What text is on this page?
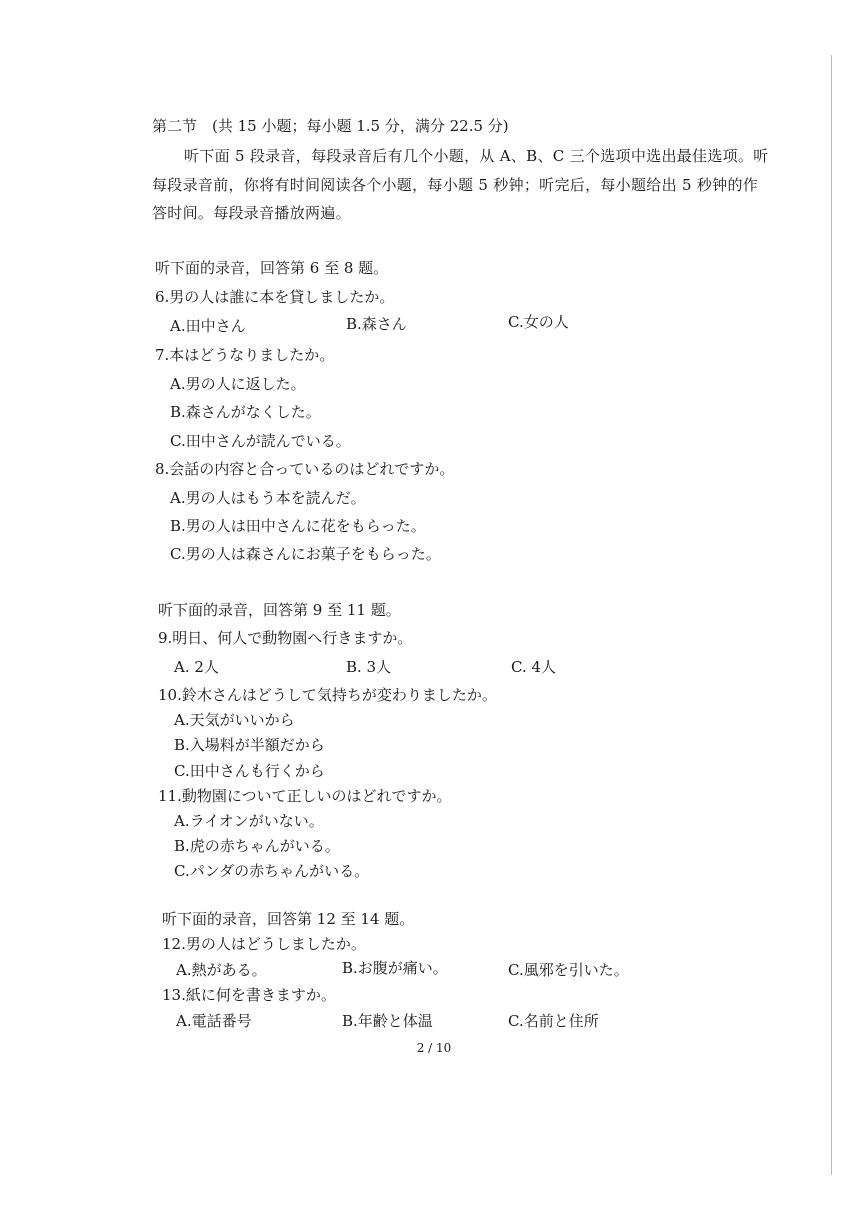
第二节　(共 15 小题；每小题 1.5 分，满分 22.5 分)
听下面 5 段录音，每段录音后有几个小题，从 A、B、C 三个选项中选出最佳选项。听
每段录音前，你将有时间阅读各个小题，每小题 5 秒钟；听完后，每小题给出 5 秒钟的作
答时间。每段录音播放两遍。
听下面的录音，回答第 6 至 8 题。
6.男の人は誰に本を貸しましたか。
A.田中さん	B.森さん	C.女の人
7.本はどうなりましたか。
A.男の人に返した。
B.森さんがなくした。
C.田中さんが読んでいる。
8.会話の内容と合っているのはどれですか。
A.男の人はもう本を読んだ。
B.男の人は田中さんに花をもらった。
C.男の人は森さんにお菓子をもらった。
听下面的录音，回答第 9 至 11 题。
9.明日、何人で動物園へ行きますか。
A. 2人	B. 3人	C. 4人
10.鈴木さんはどうして気持ちが変わりましたか。
A.天気がいいから
B.入場料が半額だから
C.田中さんも行くから
11.動物園について正しいのはどれですか。
A.ライオンがいない。
B.虎の赤ちゃんがいる。
C.パンダの赤ちゃんがいる。
听下面的录音，回答第 12 至 14 题。
12.男の人はどうしましたか。
A.熱がある。	B.お腹が痛い。	C.風邪を引いた。
13.紙に何を書きますか。
A.電話番号	B.年齢と体温	C.名前と住所
2 / 10
